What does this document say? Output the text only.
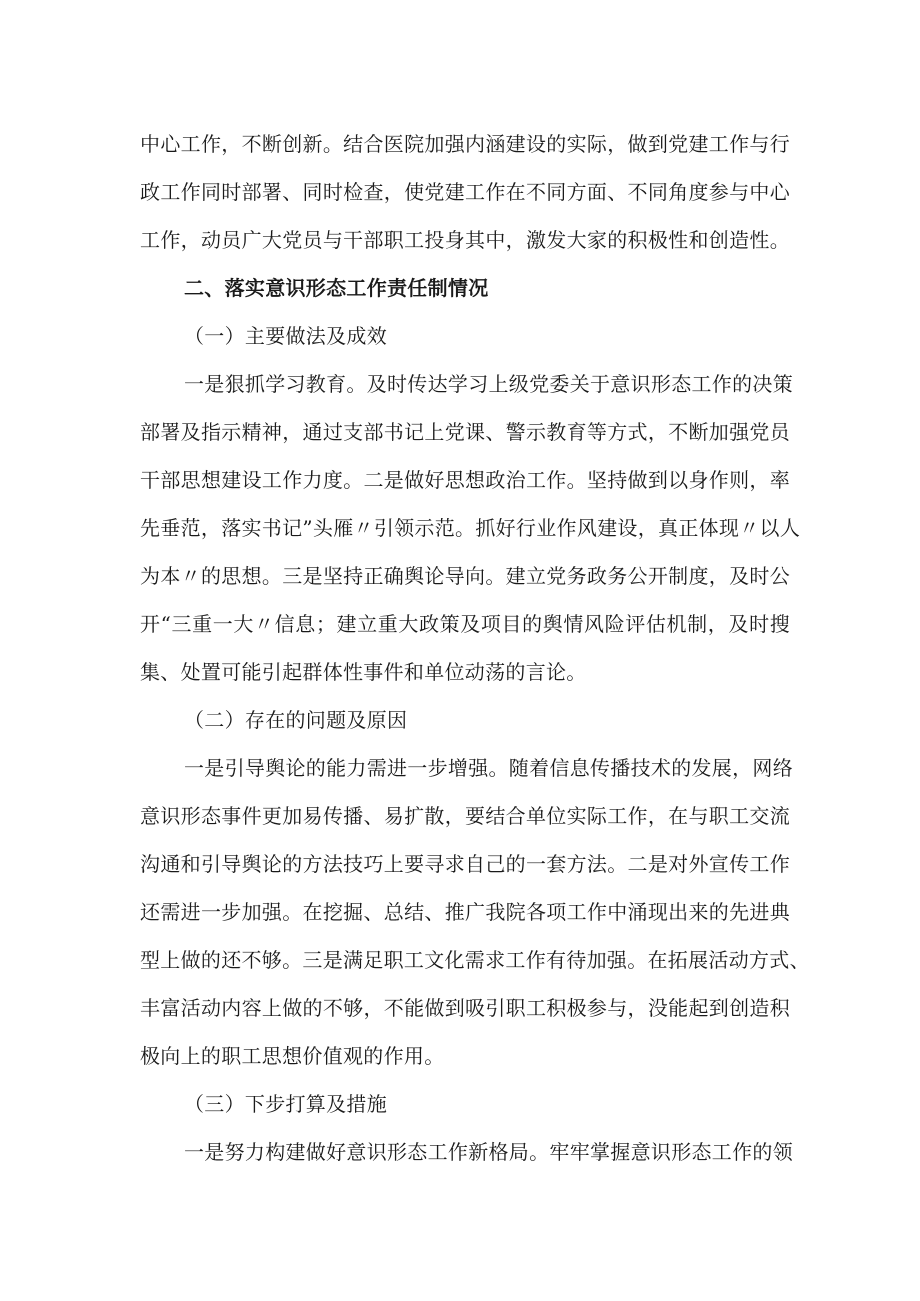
中心工作，不断创新。结合医院加强内涵建设的实际，做到党建工作与行
政工作同时部署、同时检查，使党建工作在不同方面、不同角度参与中心
工作，动员广大党员与干部职工投身其中，激发大家的积极性和创造性。
二、落实意识形态工作责任制情况
（一）主要做法及成效
一是狠抓学习教育。及时传达学习上级党委关于意识形态工作的决策
部署及指示精神，通过支部书记上党课、警示教育等方式，不断加强党员
干部思想建设工作力度。二是做好思想政治工作。坚持做到以身作则，率
先垂范，落实书记”头雁〃引领示范。抓好行业作风建设，真正体现〃以人
为本〃的思想。三是坚持正确舆论导向。建立党务政务公开制度，及时公
开“三重一大〃信息；建立重大政策及项目的舆情风险评估机制，及时搜
集、处置可能引起群体性事件和单位动荡的言论。
（二）存在的问题及原因
一是引导舆论的能力需进一步增强。随着信息传播技术的发展，网络
意识形态事件更加易传播、易扩散，要结合单位实际工作，在与职工交流
沟通和引导舆论的方法技巧上要寻求自己的一套方法。二是对外宣传工作
还需进一步加强。在挖掘、总结、推广我院各项工作中涌现出来的先进典
型上做的还不够。三是满足职工文化需求工作有待加强。在拓展活动方式、
丰富活动内容上做的不够，不能做到吸引职工积极参与，没能起到创造积
极向上的职工思想价值观的作用。
（三）下步打算及措施
一是努力构建做好意识形态工作新格局。牢牢掌握意识形态工作的领
